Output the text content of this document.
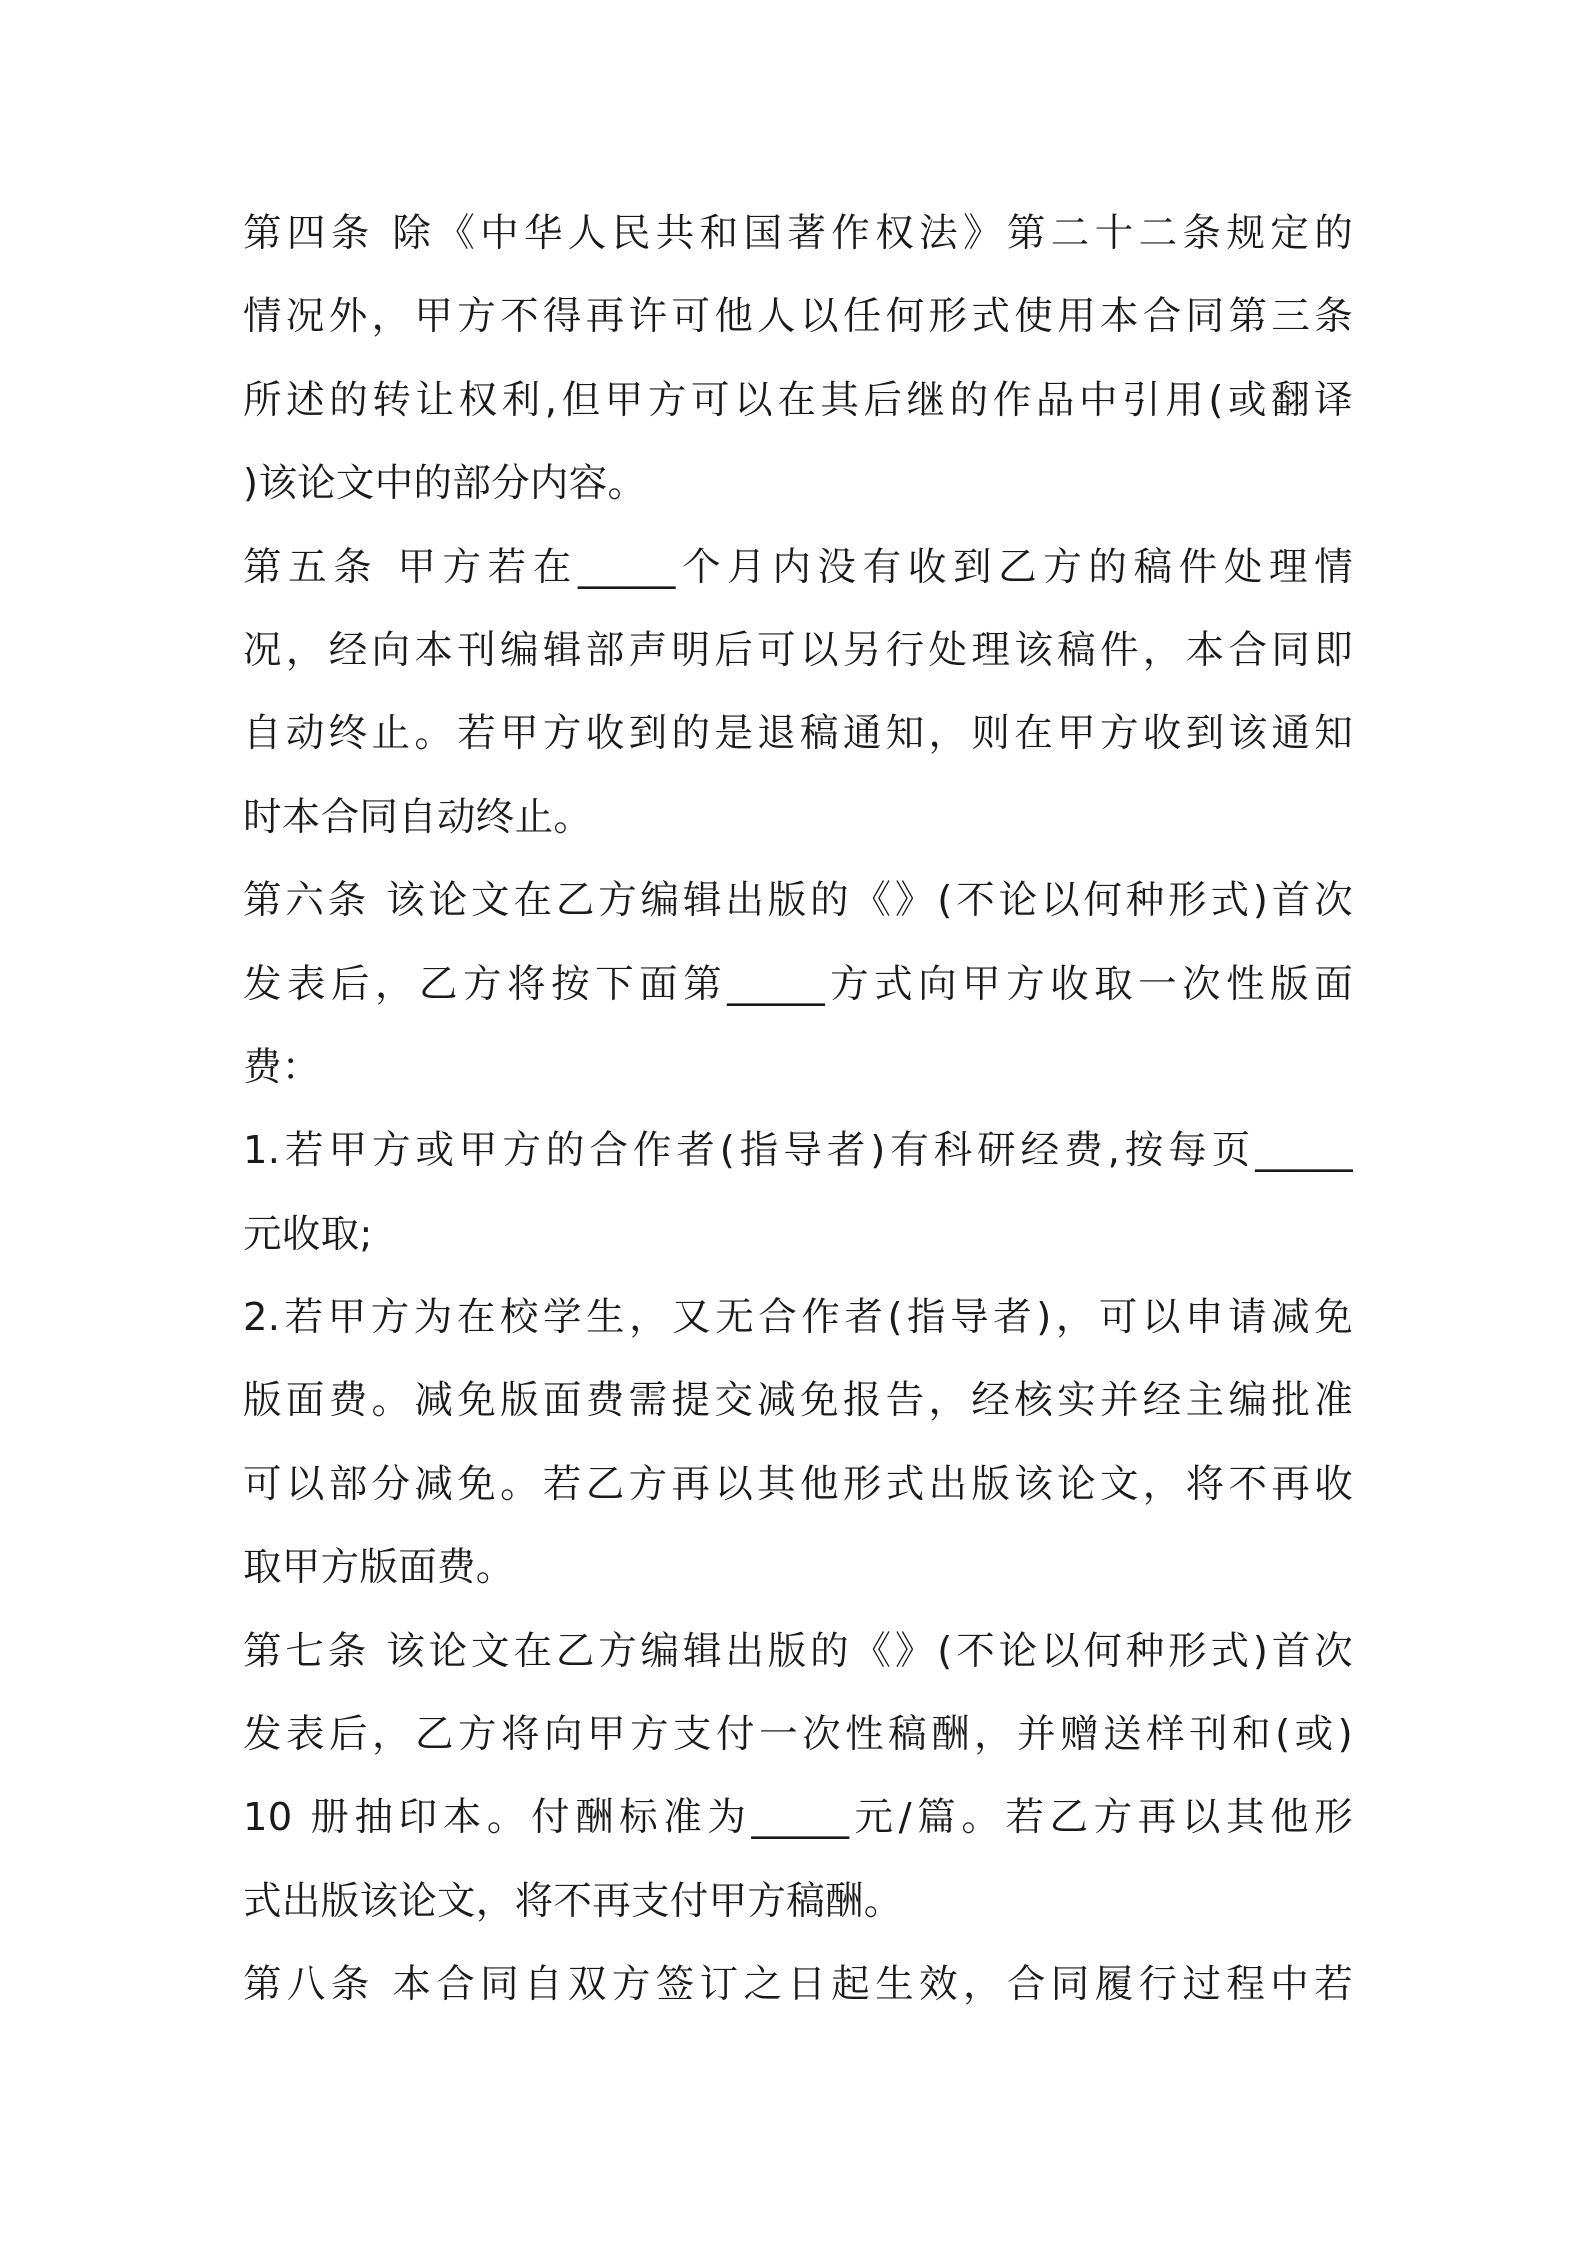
第四条 除《中华人民共和国著作权法》第二十二条规定的
情况外，甲方不得再许可他人以任何形式使用本合同第三条
所述的转让权利,但甲方可以在其后继的作品中引用(或翻译
)该论文中的部分内容。
第五条 甲方若在_____个月内没有收到乙方的稿件处理情
况，经向本刊编辑部声明后可以另行处理该稿件，本合同即
自动终止。若甲方收到的是退稿通知，则在甲方收到该通知
时本合同自动终止。
第六条 该论文在乙方编辑出版的《》(不论以何种形式)首次
发表后，乙方将按下面第_____方式向甲方收取一次性版面
费：
1.若甲方或甲方的合作者(指导者)有科研经费,按每页_____
元收取;
2.若甲方为在校学生，又无合作者(指导者)，可以申请减免
版面费。减免版面费需提交减免报告，经核实并经主编批准
可以部分减免。若乙方再以其他形式出版该论文，将不再收
取甲方版面费。
第七条 该论文在乙方编辑出版的《》(不论以何种形式)首次
发表后，乙方将向甲方支付一次性稿酬，并赠送样刊和(或)
10 册抽印本。付酬标准为_____元/篇。若乙方再以其他形
式出版该论文，将不再支付甲方稿酬。
第八条 本合同自双方签订之日起生效，合同履行过程中若
